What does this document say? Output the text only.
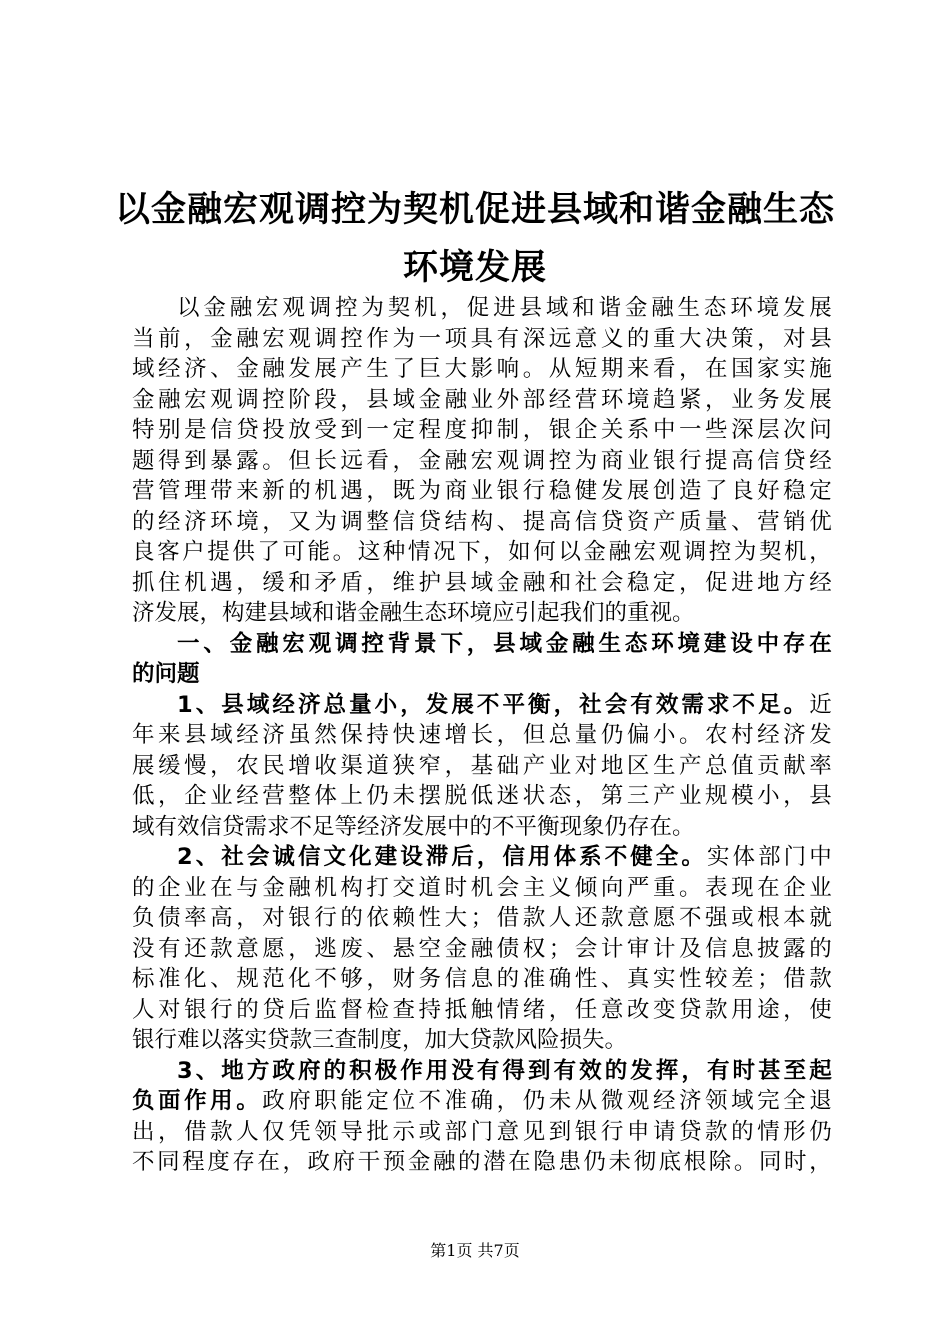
以金融宏观调控为契机促进县域和谐金融生态
环境发展
以 金 融 宏 观 调 控 为 契 机 ， 促 进 县 域 和 谐 金 融 生 态 环 境 发 展
当 前 ， 金 融 宏 观 调 控 作 为 一 项 具 有 深 远 意 义 的 重 大 决 策 ， 对 县
域 经 济 、 金 融 发 展 产 生 了 巨 大 影 响 。 从 短 期 来 看 ， 在 国 家 实 施
金 融 宏 观 调 控 阶 段 ， 县 域 金 融 业 外 部 经 营 环 境 趋 紧 ， 业 务 发 展
特 别 是 信 贷 投 放 受 到 一 定 程 度 抑 制 ， 银 企 关 系 中 一 些 深 层 次 问
题 得 到 暴 露 。 但 长 远 看 ， 金 融 宏 观 调 控 为 商 业 银 行 提 高 信 贷 经
营 管 理 带 来 新 的 机 遇 ， 既 为 商 业 银 行 稳 健 发 展 创 造 了 良 好 稳 定
的 经 济 环 境 ， 又 为 调 整 信 贷 结 构 、 提 高 信 贷 资 产 质 量 、 营 销 优
良 客 户 提 供 了 可 能 。 这 种 情 况 下 ， 如 何 以 金 融 宏 观 调 控 为 契 机 ，
抓 住 机 遇 ， 缓 和 矛 盾 ， 维 护 县 域 金 融 和 社 会 稳 定 ， 促 进 地 方 经
济发展，构建县域和谐金融生态环境应引起我们的重视。
一 、 金 融 宏 观 调 控 背 景 下 ， 县 域 金 融 生 态 环 境 建 设 中 存 在
的问题
1 、 县 域 经 济 总 量 小 ， 发 展 不 平 衡 ， 社 会 有 效 需 求 不 足 。 近
年 来 县 域 经 济 虽 然 保 持 快 速 增 长 ， 但 总 量 仍 偏 小 。 农 村 经 济 发
展 缓 慢 ， 农 民 增 收 渠 道 狭 窄 ， 基 础 产 业 对 地 区 生 产 总 值 贡 献 率
低 ， 企 业 经 营 整 体 上 仍 未 摆 脱 低 迷 状 态 ， 第 三 产 业 规 模 小 ， 县
域有效信贷需求不足等经济发展中的不平衡现象仍存在。
2 、 社 会 诚 信 文 化 建 设 滞 后 ， 信 用 体 系 不 健 全 。 实 体 部 门 中
的 企 业 在 与 金 融 机 构 打 交 道 时 机 会 主 义 倾 向 严 重 。 表 现 在 企 业
负 债 率 高 ， 对 银 行 的 依 赖 性 大 ； 借 款 人 还 款 意 愿 不 强 或 根 本 就
没 有 还 款 意 愿 ， 逃 废 、 悬 空 金 融 债 权 ； 会 计 审 计 及 信 息 披 露 的
标 准 化 、 规 范 化 不 够 ， 财 务 信 息 的 准 确 性 、 真 实 性 较 差 ； 借 款
人 对 银 行 的 贷 后 监 督 检 查 持 抵 触 情 绪 ， 任 意 改 变 贷 款 用 途 ， 使
银行难以落实贷款三查制度，加大贷款风险损失。
3 、 地 方 政 府 的 积 极 作 用 没 有 得 到 有 效 的 发 挥 ， 有 时 甚 至 起
负 面 作 用 。 政 府 职 能 定 位 不 准 确 ， 仍 未 从 微 观 经 济 领 域 完 全 退
出 ， 借 款 人 仅 凭 领 导 批 示 或 部 门 意 见 到 银 行 申 请 贷 款 的 情 形 仍
不 同 程 度 存 在 ， 政 府 干 预 金 融 的 潜 在 隐 患 仍 未 彻 底 根 除 。 同 时 ，
第1页 共7页
